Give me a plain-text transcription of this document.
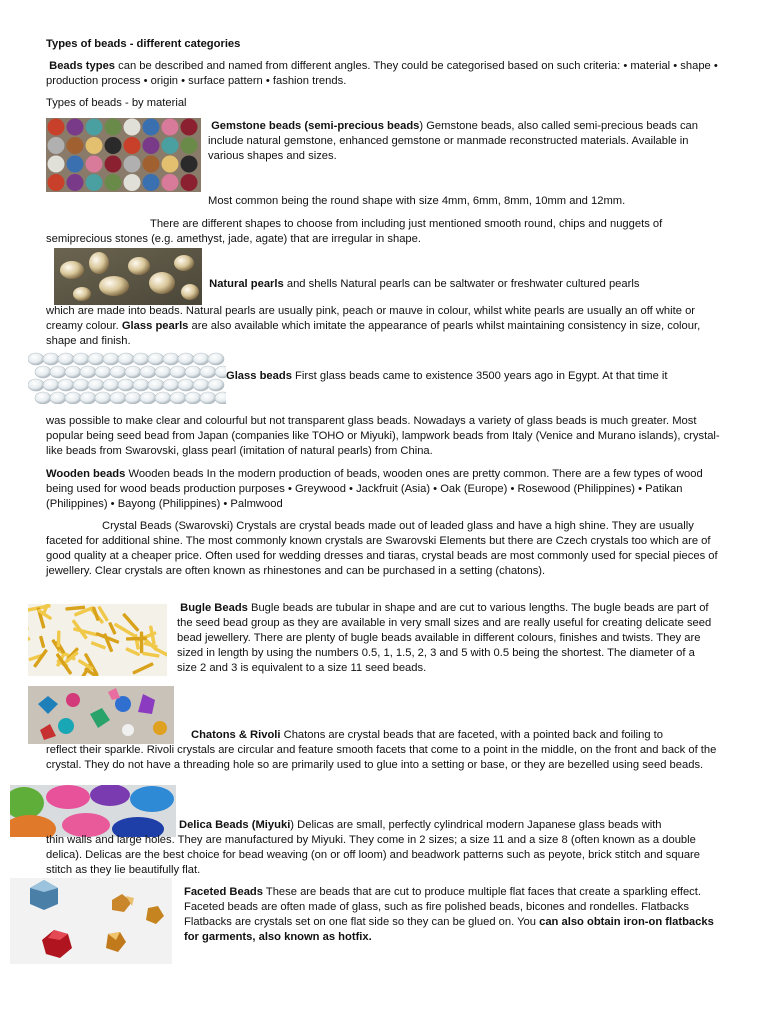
Types of beads - different categories

Beads types can be described and named from different angles. They could be categorised based on such criteria: • material • shape • production process • origin • surface pattern • fashion trends.

Types of beads - by material

Gemstone beads (semi-precious beads) Gemstone beads, also called semi-precious beads can include natural gemstone, enhanced gemstone or manmade reconstructed materials. Available in various shapes and sizes.

Most common being the round shape with size 4mm, 6mm, 8mm, 10mm and 12mm.

There are different shapes to choose from including just mentioned smooth round, chips and nuggets of semiprecious stones (e.g. amethyst, jade, agate) that are irregular in shape.

Natural pearls and shells Natural pearls can be saltwater or freshwater cultured pearls

which are made into beads. Natural pearls are usually pink, peach or mauve in colour, whilst white pearls are usually an off white or creamy colour. Glass pearls are also available which imitate the appearance of pearls whilst maintaining consistency in size, colour, shape and finish.

Glass beads First glass beads came to existence 3500 years ago in Egypt. At that time it

was possible to make clear and colourful but not transparent glass beads. Nowadays a variety of glass beads is much greater. Most popular being seed bead from Japan (companies like TOHO or Miyuki), lampwork beads from Italy (Venice and Murano islands), crystal-like beads from Swarovski, glass pearl (imitation of natural pearls) from China.

Wooden beads Wooden beads In the modern production of beads, wooden ones are pretty common. There are a few types of wood being used for wood beads production purposes • Greywood • Jackfruit (Asia) • Oak (Europe) • Rosewood (Philippines) • Patikan (Philippines) • Bayong (Philippines) • Palmwood

Crystal Beads (Swarovski) Crystals are crystal beads made out of leaded glass and have a high shine. They are usually faceted for additional shine. The most commonly known crystals are Swarovski Elements but there are Czech crystals too which are of good quality at a cheaper price. Often used for wedding dresses and tiaras, crystal beads are most commonly used for special pieces of jewellery. Clear crystals are often known as rhinestones and can be purchased in a setting (chatons).

Bugle Beads Bugle beads are tubular in shape and are cut to various lengths. The bugle beads are part of the seed bead group as they are available in very small sizes and are really useful for creating delicate seed bead jewellery. There are plenty of bugle beads available in different colours, finishes and twists. They are sized in length by using the numbers 0.5, 1, 1.5, 2, 3 and 5 with 0.5 being the shortest. The diameter of a size 2 and 3 is equivalent to a size 11 seed beads.

Chatons & Rivoli Chatons are crystal beads that are faceted, with a pointed back and foiling to

reflect their sparkle. Rivoli crystals are circular and feature smooth facets that come to a point in the middle, on the front and back of the crystal. They do not have a threading hole so are primarily used to glue into a setting or base, or they are bezelled using seed beads.

Delica Beads (Miyuki) Delicas are small, perfectly cylindrical modern Japanese glass beads with

thin walls and large holes. They are manufactured by Miyuki. They come in 2 sizes; a size 11 and a size 8 (often known as a double delica). Delicas are the best choice for bead weaving (on or off loom) and beadwork patterns such as peyote, brick stitch and square stitch as they lie beautifully flat.

Faceted Beads These are beads that are cut to produce multiple flat faces that create a sparkling effect. Faceted beads are often made of glass, such as fire polished beads, bicones and rondelles. Flatbacks Flatbacks are crystals set on one flat side so they can be glued on. You can also obtain iron-on flatbacks for garments, also known as hotfix.
